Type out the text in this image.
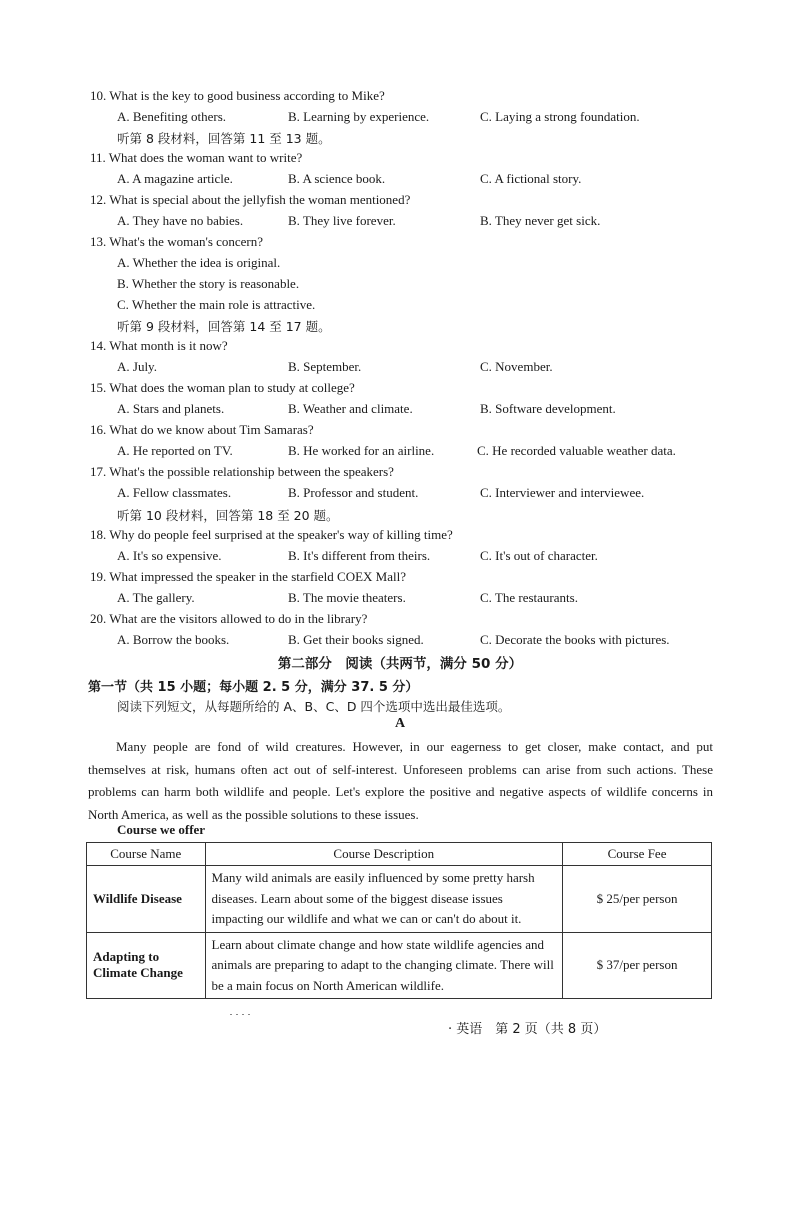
10. What is the key to good business according to Mike?
A. Benefiting others.	B. Learning by experience.	C. Laying a strong foundation.
听第 8 段材料，回答第 11 至 13 题。
11. What does the woman want to write?
A. A magazine article.	B. A science book.	C. A fictional story.
12. What is special about the jellyfish the woman mentioned?
A. They have no babies.	B. They live forever.	B. They never get sick.
13. What's the woman's concern?
A. Whether the idea is original.
B. Whether the story is reasonable.
C. Whether the main role is attractive.
听第 9 段材料，回答第 14 至 17 题。
14. What month is it now?
A. July.	B. September.	C. November.
15. What does the woman plan to study at college?
A. Stars and planets.	B. Weather and climate.	B. Software development.
16. What do we know about Tim Samaras?
A. He reported on TV.	B. He worked for an airline.	C. He recorded valuable weather data.
17. What's the possible relationship between the speakers?
A. Fellow classmates.	B. Professor and student.	C. Interviewer and interviewee.
听第 10 段材料，回答第 18 至 20 题。
18. Why do people feel surprised at the speaker's way of killing time?
A. It's so expensive.	B. It's different from theirs.	C. It's out of character.
19. What impressed the speaker in the starfield COEX Mall?
A. The gallery.	B. The movie theaters.	C. The restaurants.
20. What are the visitors allowed to do in the library?
A. Borrow the books.	B. Get their books signed.	C. Decorate the books with pictures.
第二部分　阅读（共两节，满分 50 分）
第一节（共 15 小题；每小题 2. 5 分，满分 37. 5 分）
阅读下列短文，从每题所给的 A、B、C、D 四个选项中选出最佳选项。
A
Many people are fond of wild creatures. However, in our eagerness to get closer, make contact, and put themselves at risk, humans often act out of self-interest. Unforeseen problems can arise from such actions. These problems can harm both wildlife and people. Let's explore the positive and negative aspects of wildlife concerns in North America, as well as the possible solutions to these issues.
Course we offer
Course Name	Course Description	Course Fee
Wildlife Disease	Many wild animals are easily influenced by some pretty harsh diseases. Learn about some of the biggest disease issues impacting our wildlife and what we can or can't do about it.	$ 25/per person
Adapting to Climate Change	Learn about climate change and how state wildlife agencies and animals are preparing to adapt to the changing climate. There will be a main focus on North American wildlife.	$ 37/per person
· 英语　第 2 页（共 8 页）
